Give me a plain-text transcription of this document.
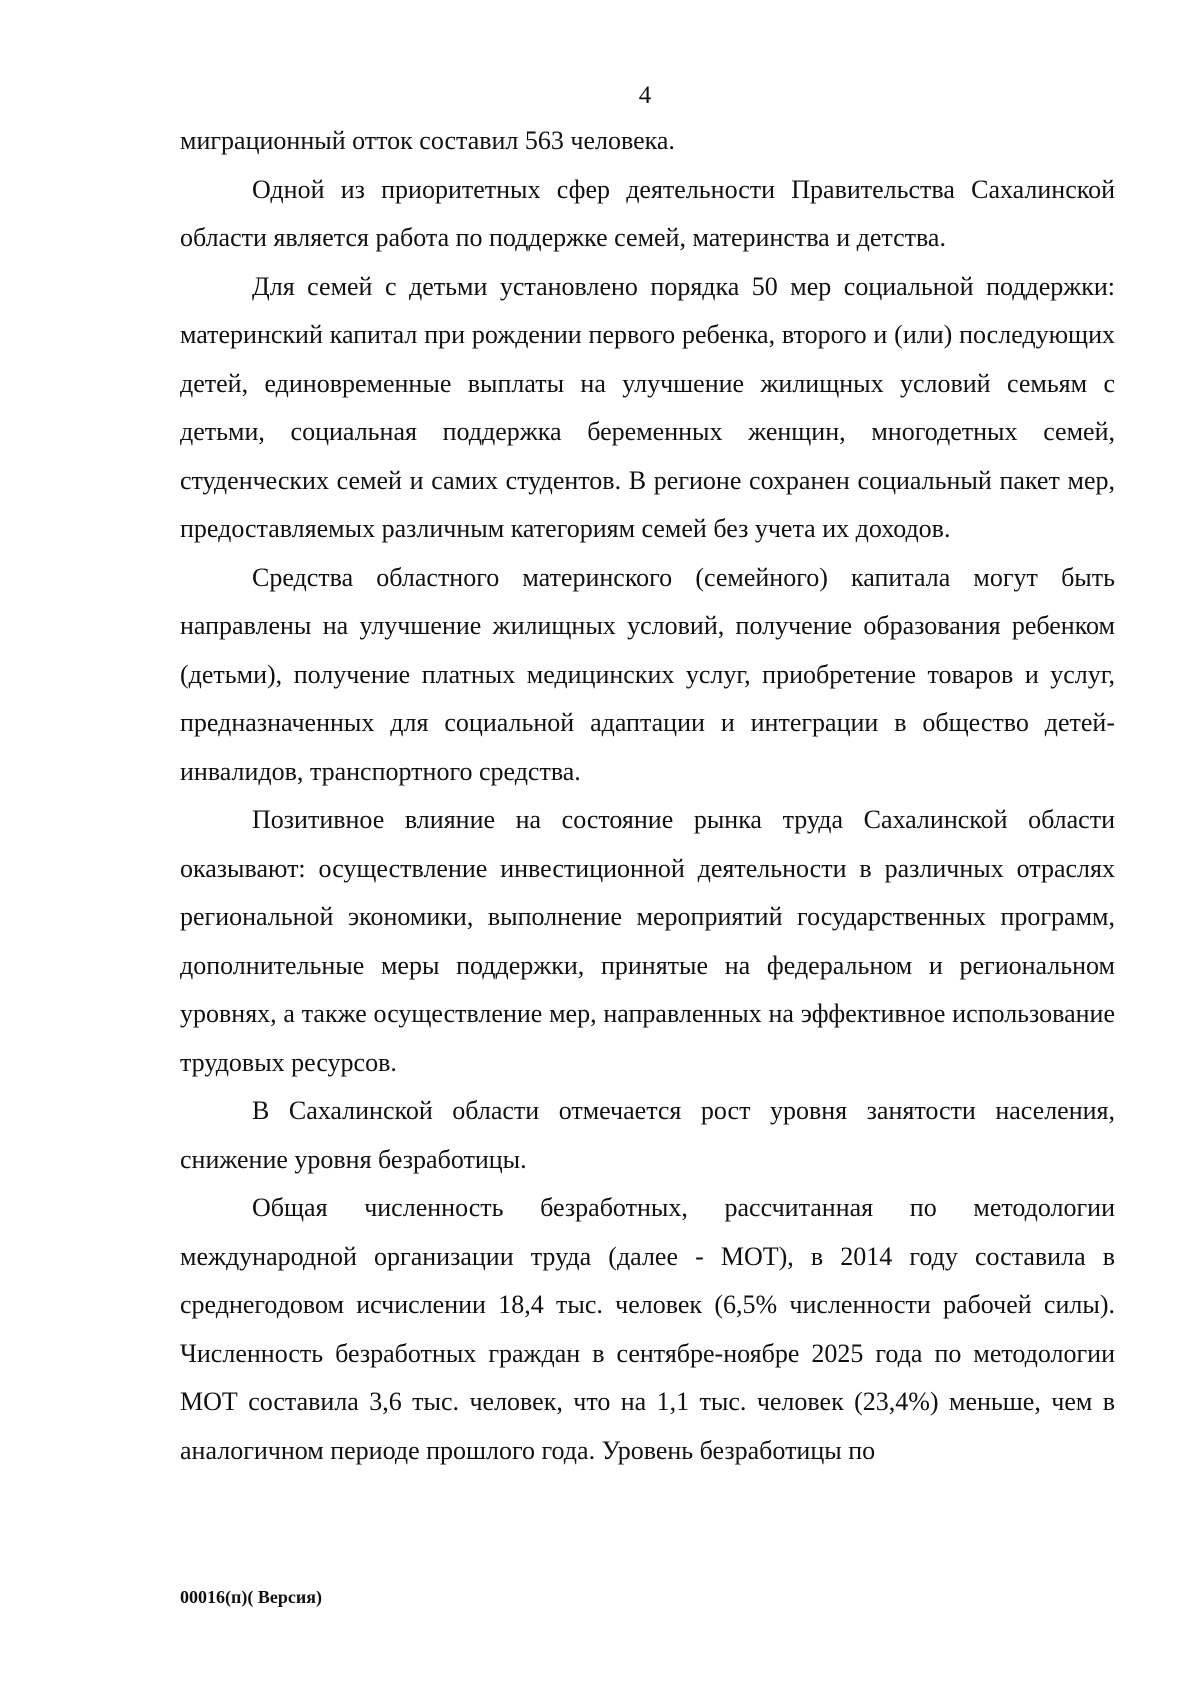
4

миграционный отток составил 563 человека.

Одной из приоритетных сфер деятельности Правительства Сахалинской области является работа по поддержке семей, материнства и детства.

Для семей с детьми установлено порядка 50 мер социальной поддержки: материнский капитал при рождении первого ребенка, второго и (или) последующих детей, единовременные выплаты на улучшение жилищных условий семьям с детьми, социальная поддержка беременных женщин, многодетных семей, студенческих семей и самих студентов. В регионе сохранен социальный пакет мер, предоставляемых различным категориям семей без учета их доходов.

Средства областного материнского (семейного) капитала могут быть направлены на улучшение жилищных условий, получение образования ребенком (детьми), получение платных медицинских услуг, приобретение товаров и услуг, предназначенных для социальной адаптации и интеграции в общество детей-инвалидов, транспортного средства.

Позитивное влияние на состояние рынка труда Сахалинской области оказывают: осуществление инвестиционной деятельности в различных отраслях региональной экономики, выполнение мероприятий государственных программ, дополнительные меры поддержки, принятые на федеральном и региональном уровнях, а также осуществление мер, направленных на эффективное использование трудовых ресурсов.

В Сахалинской области отмечается рост уровня занятости населения, снижение уровня безработицы.

Общая численность безработных, рассчитанная по методологии международной организации труда (далее - МОТ), в 2014 году составила в среднегодовом исчислении 18,4 тыс. человек (6,5% численности рабочей силы). Численность безработных граждан в сентябре-ноябре 2025 года по методологии МОТ составила 3,6 тыс. человек, что на 1,1 тыс. человек (23,4%) меньше, чем в аналогичном периоде прошлого года. Уровень безработицы по

00016(п)( Версия)
